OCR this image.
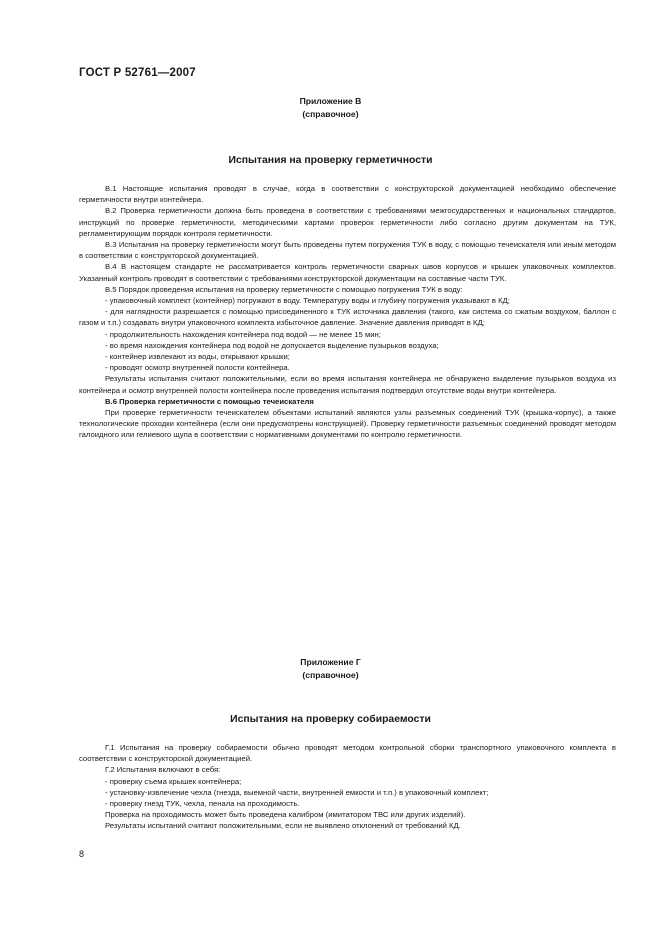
ГОСТ Р 52761—2007
Приложение В
(справочное)
Испытания на проверку герметичности

В.1 Настоящие испытания проводят в случае, когда в соответствии с конструкторской документацией необходимо обеспечение герметичности внутри контейнера.

В.2 Проверка герметичности должна быть проведена в соответствии с требованиями межгосударственных и национальных стандартов, инструкций по проверке герметичности, методическими картами проверок герметичности либо согласно другим документам на ТУК, регламентирующим порядок контроля герметичности.

В.3 Испытания на проверку герметичности могут быть проведены путем погружения ТУК в воду, с помощью течеискателя или иным методом в соответствии с конструкторской документацией.

В.4 В настоящем стандарте не рассматривается контроль герметичности сварных швов корпусов и крышек упаковочных комплектов. Указанный контроль проводят в соответствии с требованиями конструкторской документации на составные части ТУК.

В.5 Порядок проведения испытания на проверку герметичности с помощью погружения ТУК в воду:

- упаковочный комплект (контейнер) погружают в воду. Температуру воды и глубину погружения указывают в КД;

- для наглядности разрешается с помощью присоединенного к ТУК источника давления (такого, как система со сжатым воздухом, баллон с газом и т.п.) создавать внутри упаковочного комплекта избыточное давление. Значение давления приводят в КД;

- продолжительность нахождения контейнера под водой — не менее 15 мин;

- во время нахождения контейнера под водой не допускается выделение пузырьков воздуха;

- контейнер извлекают из воды, открывают крышки;

- проводят осмотр внутренней полости контейнера.

Результаты испытания считают положительными, если во время испытания контейнера не обнаружено выделение пузырьков воздуха из контейнера и осмотр внутренней полости контейнера после проведения испытания подтвердил отсутствие воды внутри контейнера.

В.6 Проверка герметичности с помощью течеискателя

При проверке герметичности течеискателем объектами испытаний являются узлы разъемных соединений ТУК (крышка-корпус), а также технологические проходки контейнера (если они предусмотрены конструкцией). Проверку герметичности разъемных соединений проводят методом галоидного или гелиевого щупа в соответствии с нормативными документами по контролю герметичности.

Приложение Г
(справочное)
Испытания на проверку собираемости

Г.1 Испытания на проверку собираемости обычно проводят методом контрольной сборки транспортного упаковочного комплекта в соответствии с конструкторской документацией.

Г.2 Испытания включают в себя:

- проверку съема крышек контейнера;

- установку-извлечение чехла (гнезда, выемной части, внутренней емкости и т.п.) в упаковочный комплект;

- проверку гнезд ТУК, чехла, пенала на проходимость.

Проверка на проходимость может быть проведена калибром (имитатором ТВС или других изделий).

Результаты испытаний считают положительными, если не выявлено отклонений от требований КД.

8
